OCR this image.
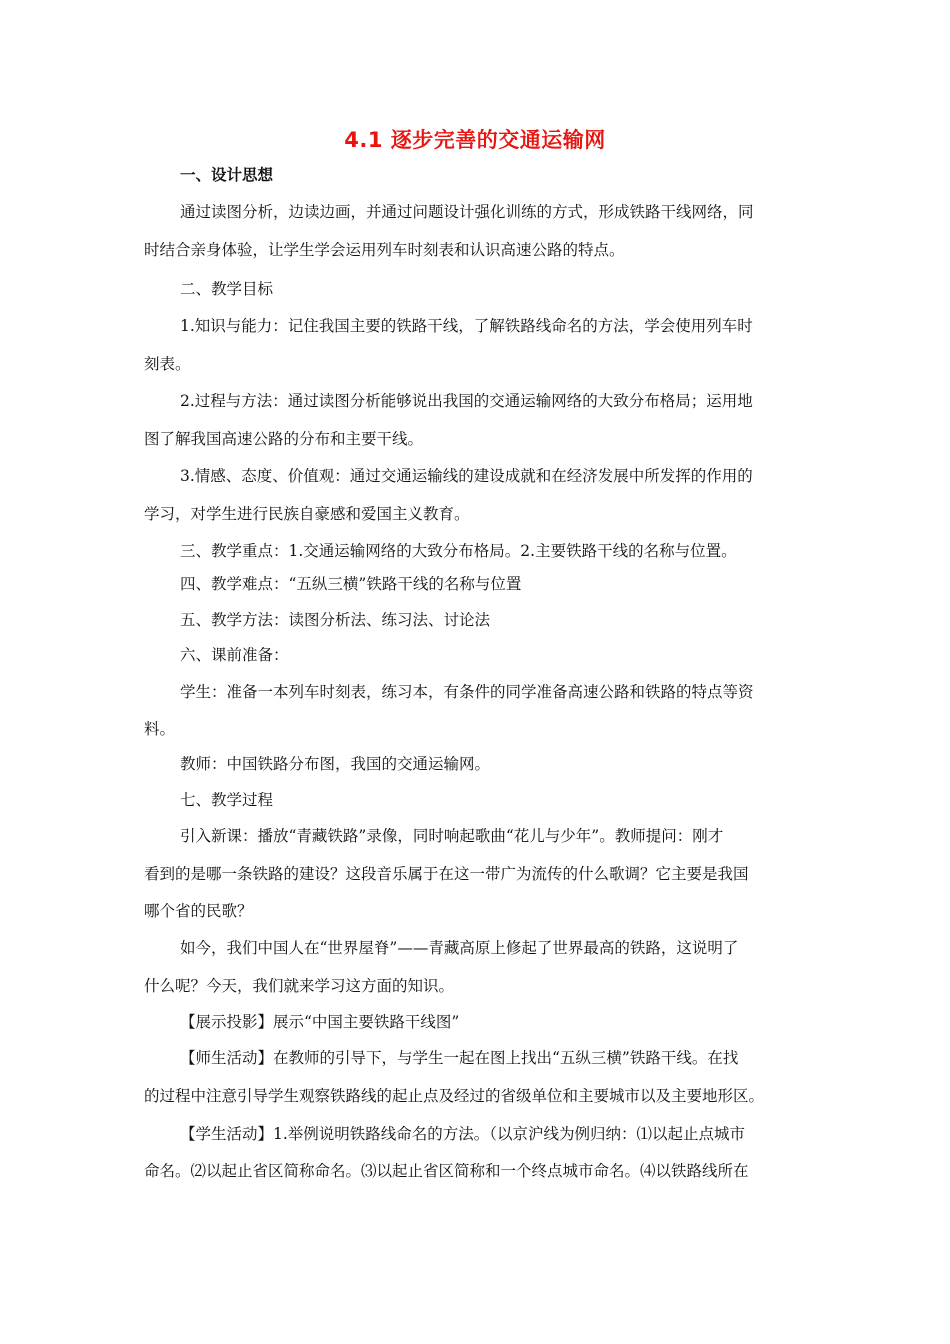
4.1 逐步完善的交通运输网
一、设计思想
通过读图分析，边读边画，并通过问题设计强化训练的方式，形成铁路干线网络，同
时结合亲身体验，让学生学会运用列车时刻表和认识高速公路的特点。
二、教学目标
1.知识与能力：记住我国主要的铁路干线，了解铁路线命名的方法，学会使用列车时
刻表。
2.过程与方法：通过读图分析能够说出我国的交通运输网络的大致分布格局；运用地
图了解我国高速公路的分布和主要干线。
3.情感、态度、价值观：通过交通运输线的建设成就和在经济发展中所发挥的作用的
学习，对学生进行民族自豪感和爱国主义教育。
三、教学重点：1.交通运输网络的大致分布格局。2.主要铁路干线的名称与位置。
四、教学难点：“五纵三横”铁路干线的名称与位置
五、教学方法：读图分析法、练习法、讨论法
六、课前准备：
学生：准备一本列车时刻表，练习本，有条件的同学准备高速公路和铁路的特点等资
料。
教师：中国铁路分布图，我国的交通运输网。
七、教学过程
引入新课：播放“青藏铁路”录像，同时响起歌曲“花儿与少年”。教师提问：刚才
看到的是哪一条铁路的建设？这段音乐属于在这一带广为流传的什么歌调？它主要是我国
哪个省的民歌？
如今，我们中国人在“世界屋脊”——青藏高原上修起了世界最高的铁路，这说明了
什么呢？今天，我们就来学习这方面的知识。
【展示投影】展示“中国主要铁路干线图”
【师生活动】在教师的引导下，与学生一起在图上找出“五纵三横”铁路干线。在找
的过程中注意引导学生观察铁路线的起止点及经过的省级单位和主要城市以及主要地形区。
【学生活动】1.举例说明铁路线命名的方法。（以京沪线为例归纳：⑴以起止点城市
命名。⑵以起止省区简称命名。⑶以起止省区简称和一个终点城市命名。⑷以铁路线所在
